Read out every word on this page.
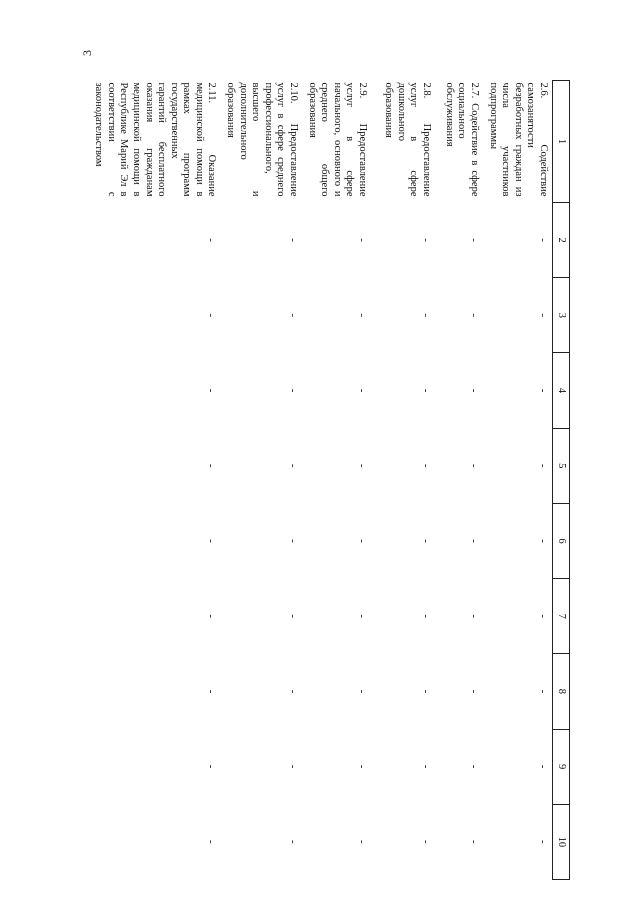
3
1	2	3	4	5	6	7	8	9	10
2.6. Содействие самозанятости безработных граждан из числа участников подпрограммы	-	-	-	-	-	-	-	-	-
2.7. Содействие в сфере социального обслуживания	-	-	-	-	-	-	-	-	-
2.8. Предоставление услуг в сфере дошкольного образования	-	-	-	-	-	-	-	-	-
2.9. Предоставление услуг в сфере начального, основного и среднего общего образования	-	-	-	-	-	-	-	-	-
2.10. Предоставление услуг в сфере среднего профессионального, высшего и дополнительного образования	-	-	-	-	-	-	-	-	-
2.11. Оказание медицинской помощи в рамках программ государственных гарантий бесплатного оказания гражданам медицинской помощи в Республике Марий Эл в соответствии с законодательством	-	-	-	-	-	-	-	-	-
